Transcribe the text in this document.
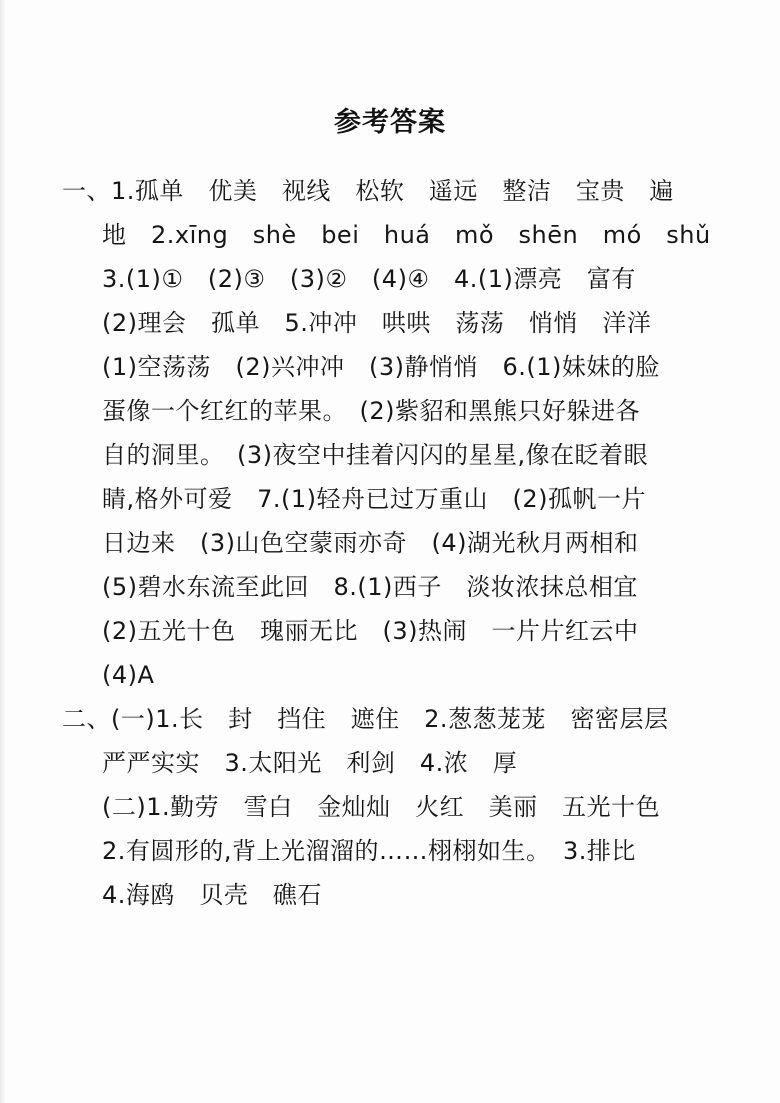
参考答案
一、1.孤单　优美　视线　松软　遥远　整洁　宝贵　遍
地　2.xīng　shè　bei　huá　mǒ　shēn　mó　shǔ
3.(1)①　(2)③　(3)②　(4)④　4.(1)漂亮　富有
(2)理会　孤单　5.冲冲　哄哄　荡荡　悄悄　洋洋
(1)空荡荡　(2)兴冲冲　(3)静悄悄　6.(1)妹妹的脸
蛋像一个红红的苹果。　(2)紫貂和黑熊只好躲进各
自的洞里。　(3)夜空中挂着闪闪的星星,像在眨着眼
睛,格外可爱　7.(1)轻舟已过万重山　(2)孤帆一片
日边来　(3)山色空蒙雨亦奇　(4)湖光秋月两相和
(5)碧水东流至此回　8.(1)西子　淡妆浓抹总相宜
(2)五光十色　瑰丽无比　(3)热闹　一片片红云中
(4)A
二、(一)1.长　封　挡住　遮住　2.葱葱茏茏　密密层层
严严实实　3.太阳光　利剑　4.浓　厚
(二)1.勤劳　雪白　金灿灿　火红　美丽　五光十色
2.有圆形的,背上光溜溜的……栩栩如生。　3.排比
4.海鸥　贝壳　礁石
